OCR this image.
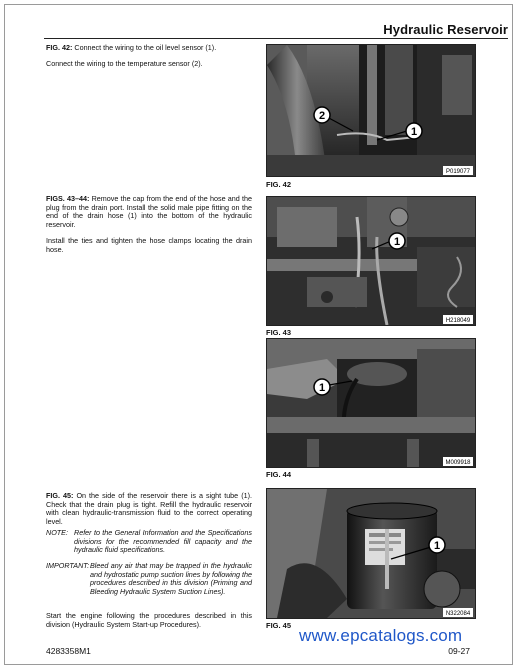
Hydraulic Reservoir

FIG. 42: Connect the wiring to the oil level sensor (1).

Connect the wiring to the temperature sensor (2).

FIGS. 43–44: Remove the cap from the end of the hose and the plug from the drain port. Install the solid male pipe fitting on the end of the drain hose (1) into the bottom of the hydraulic reservoir.

Install the ties and tighten the hose clamps locating the drain hose.

FIG. 45: On the side of the reservoir there is a sight tube (1). Check that the drain plug is tight. Refill the hydraulic reservoir with clean hydraulic-transmission fluid to the correct operating level.

NOTE: Refer to the General Information and the Specifications divisions for the recommended fill capacity and the hydraulic fluid specifications.
IMPORTANT: Bleed any air that may be trapped in the hydraulic and hydrostatic pump suction lines by following the procedures described in this division (Priming and Bleeding Hydraulic System Suction Lines).

Start the engine following the procedures described in this division (Hydraulic System Start-up Procedures).

2
1
P019077
FIG. 42
1
H218049
FIG. 43
1
M009918
FIG. 44
1
N322084
FIG. 45
www.epcatalogs.com
4283358M1	09-27
